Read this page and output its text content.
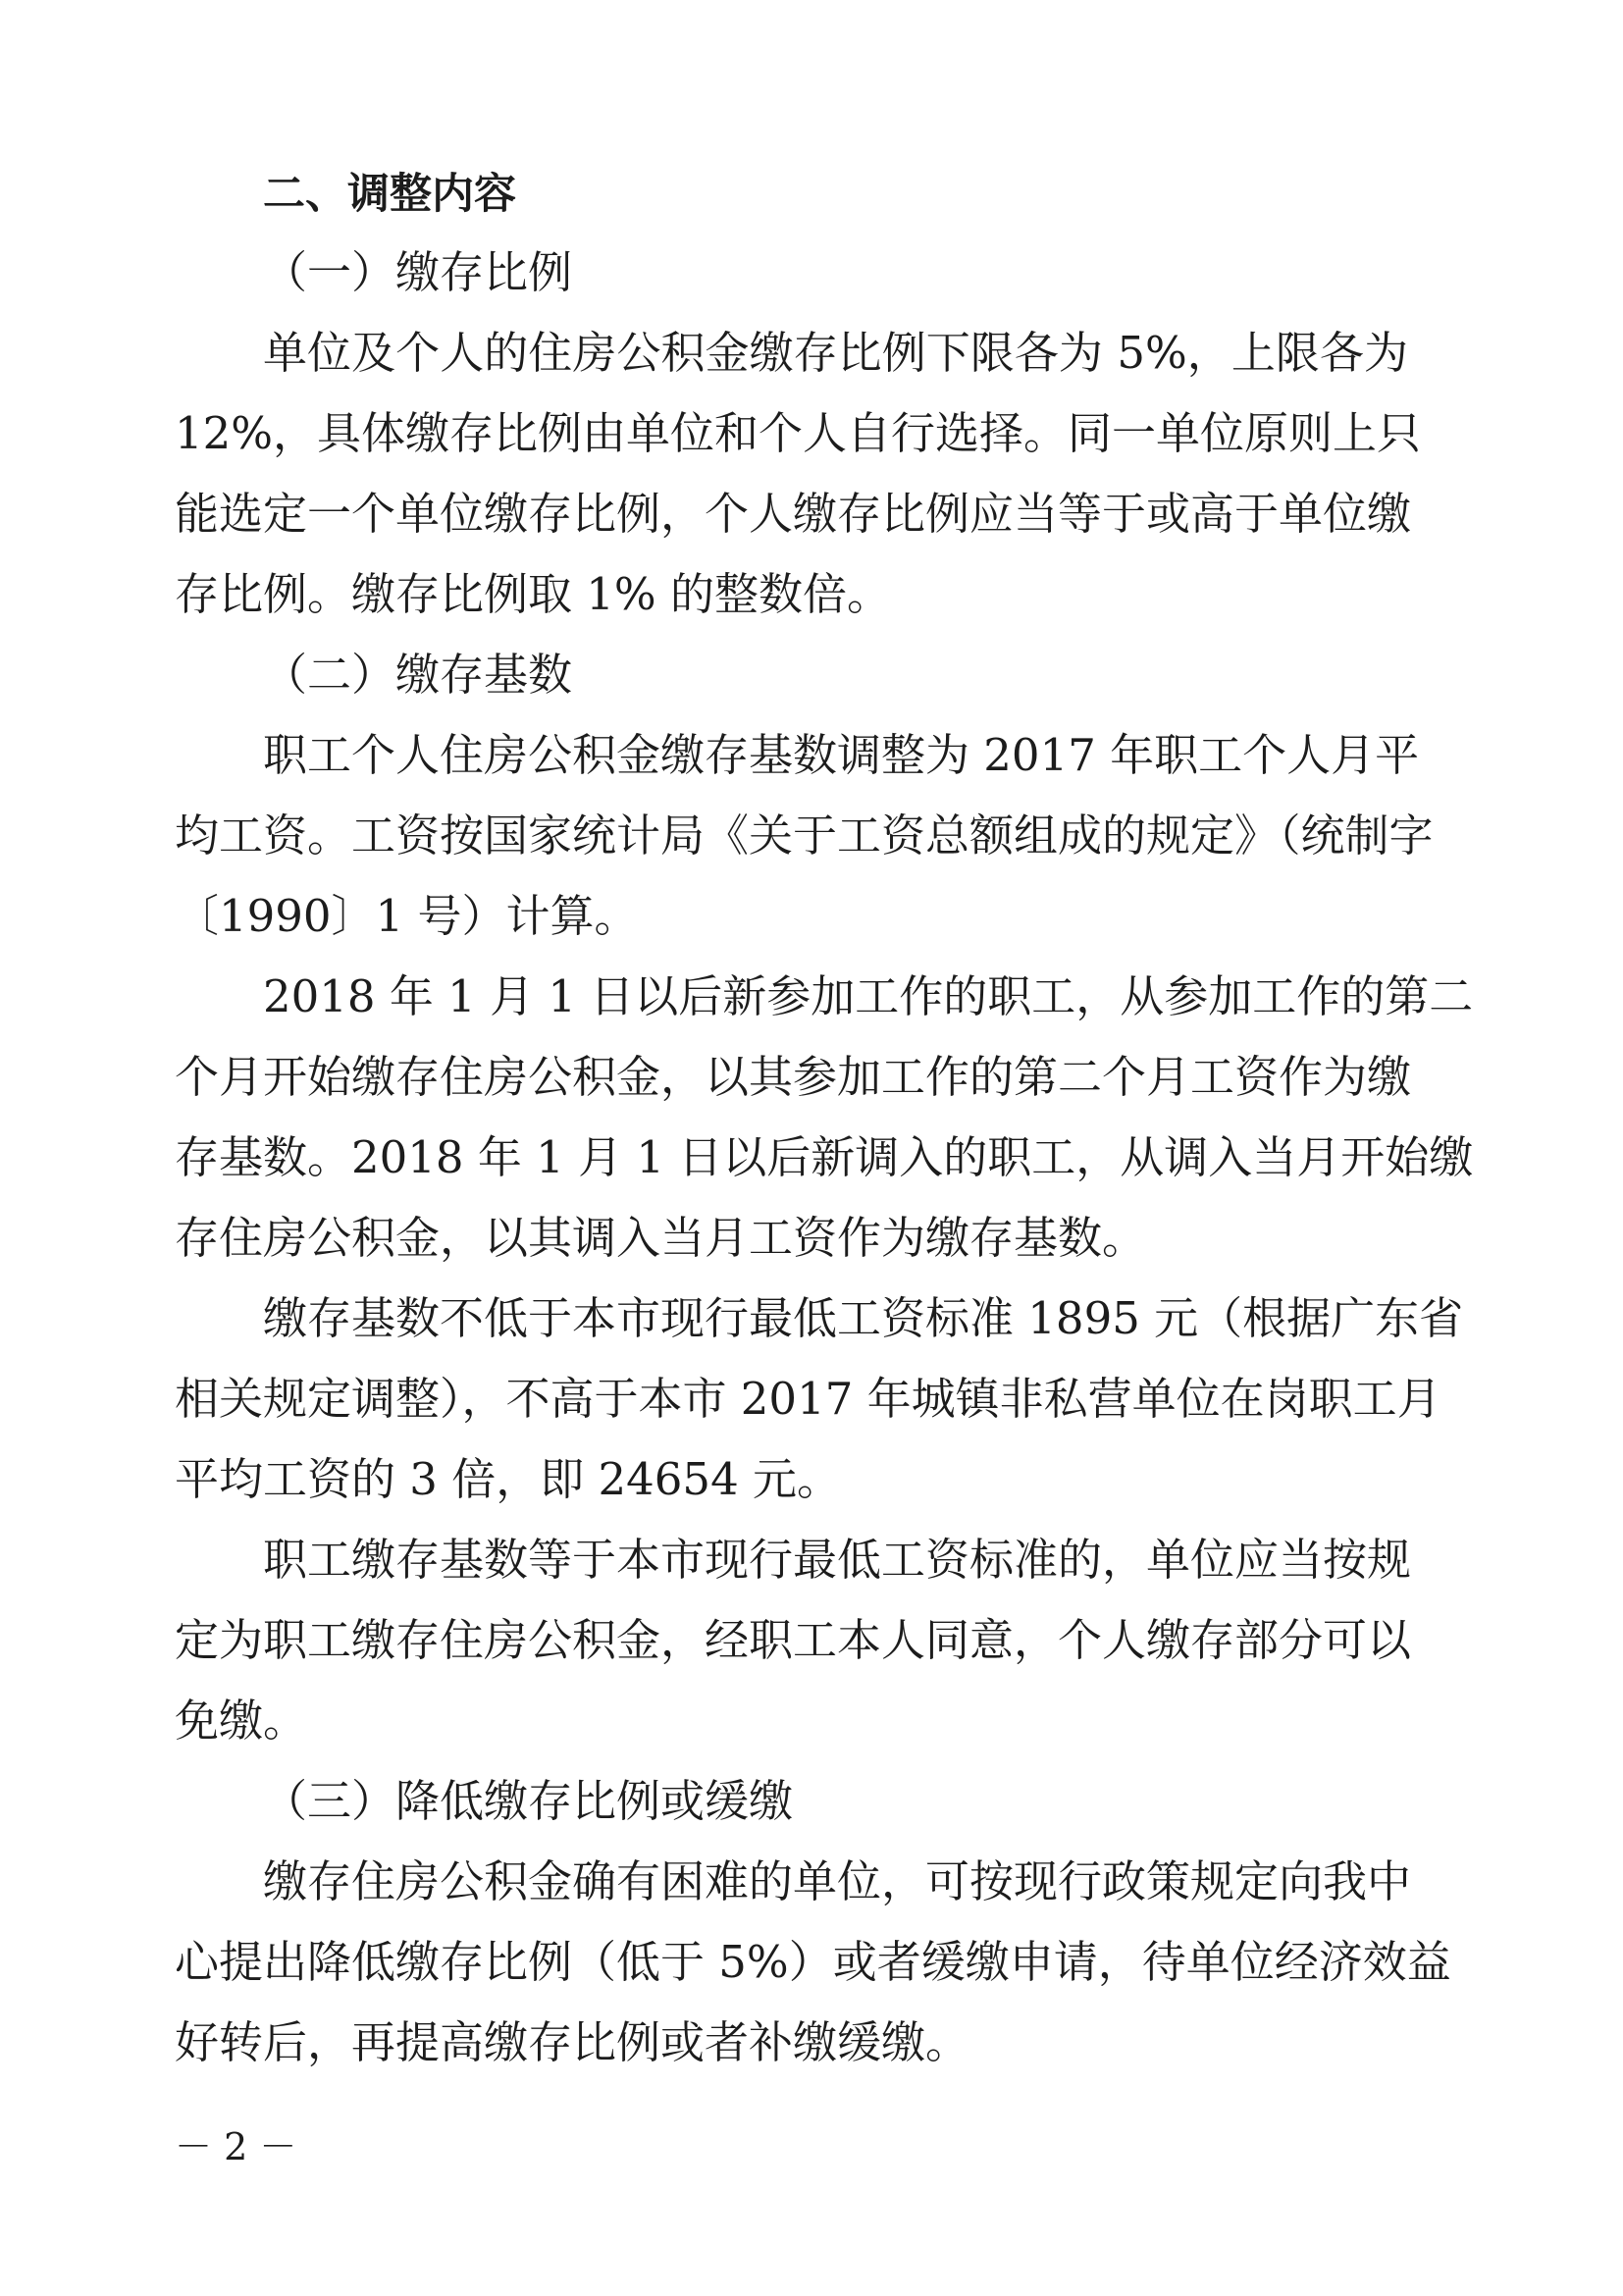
二、调整内容
（一）缴存比例
单位及个人的住房公积金缴存比例下限各为 5%，上限各为
12%，具体缴存比例由单位和个人自行选择。同一单位原则上只
能选定一个单位缴存比例，个人缴存比例应当等于或高于单位缴
存比例。缴存比例取 1% 的整数倍。
（二）缴存基数
职工个人住房公积金缴存基数调整为 2017 年职工个人月平
均工资。工资按国家统计局《关于工资总额组成的规定》（统制字
〔1990〕1 号）计算。
2018 年 1 月 1 日以后新参加工作的职工，从参加工作的第二
个月开始缴存住房公积金，以其参加工作的第二个月工资作为缴
存基数。2018 年 1 月 1 日以后新调入的职工，从调入当月开始缴
存住房公积金，以其调入当月工资作为缴存基数。
缴存基数不低于本市现行最低工资标准 1895 元（根据广东省
相关规定调整），不高于本市 2017 年城镇非私营单位在岗职工月
平均工资的 3 倍，即 24654 元。
职工缴存基数等于本市现行最低工资标准的，单位应当按规
定为职工缴存住房公积金，经职工本人同意，个人缴存部分可以
免缴。
（三）降低缴存比例或缓缴
缴存住房公积金确有困难的单位，可按现行政策规定向我中
心提出降低缴存比例（低于 5%）或者缓缴申请，待单位经济效益
好转后，再提高缴存比例或者补缴缓缴。
－ 2 －
